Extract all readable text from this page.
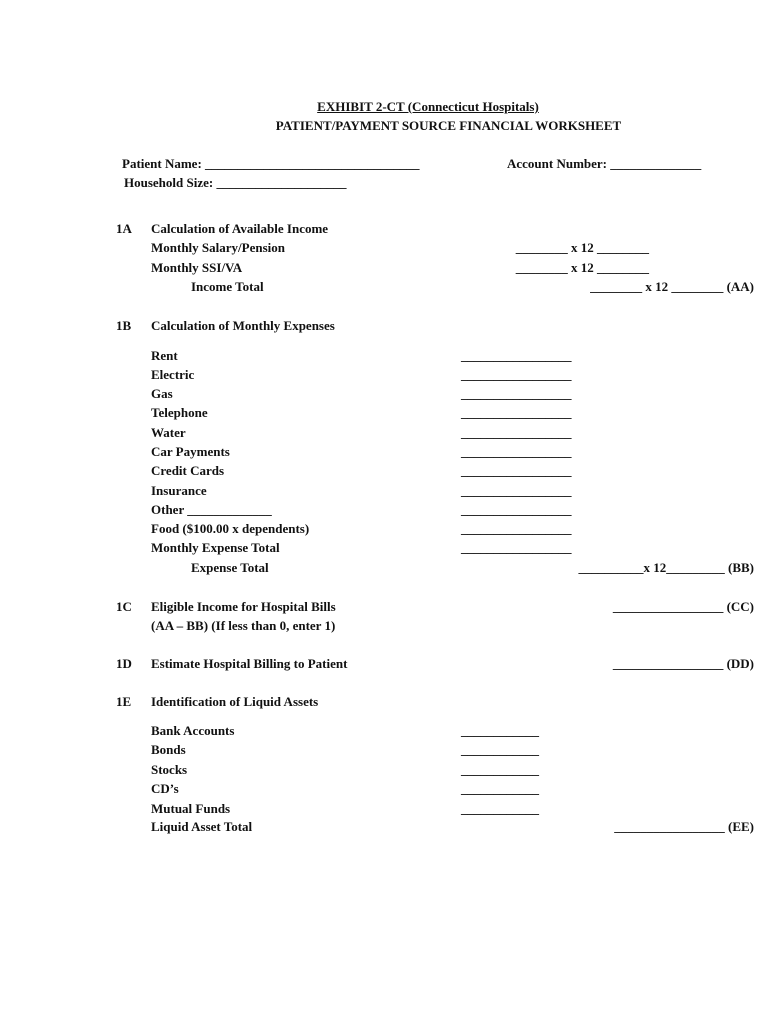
EXHIBIT 2-CT (Connecticut Hospitals)
PATIENT/PAYMENT SOURCE FINANCIAL WORKSHEET
Patient Name: _________________________________	Account Number: ______________
Household Size: ____________________
1A Calculation of Available Income
Monthly Salary/Pension	________ x 12 ________
Monthly SSI/VA	________ x 12 ________
Income Total	________ x 12 ________ (AA)
1B Calculation of Monthly Expenses
Rent	_________________
Electric	_________________
Gas	_________________
Telephone	_________________
Water	_________________
Car Payments	_________________
Credit Cards	_________________
Insurance	_________________
Other _____________	_________________
Food ($100.00 x dependents)	_________________
Monthly Expense Total	_________________
Expense Total	__________x 12_________ (BB)
1C Eligible Income for Hospital Bills	_________________ (CC)
(AA – BB) (If less than 0, enter 1)
1D Estimate Hospital Billing to Patient	_________________ (DD)
1E Identification of Liquid Assets
Bank Accounts	____________
Bonds	____________
Stocks	____________
CD’s	____________
Mutual Funds	____________
Liquid Asset Total	_________________ (EE)
